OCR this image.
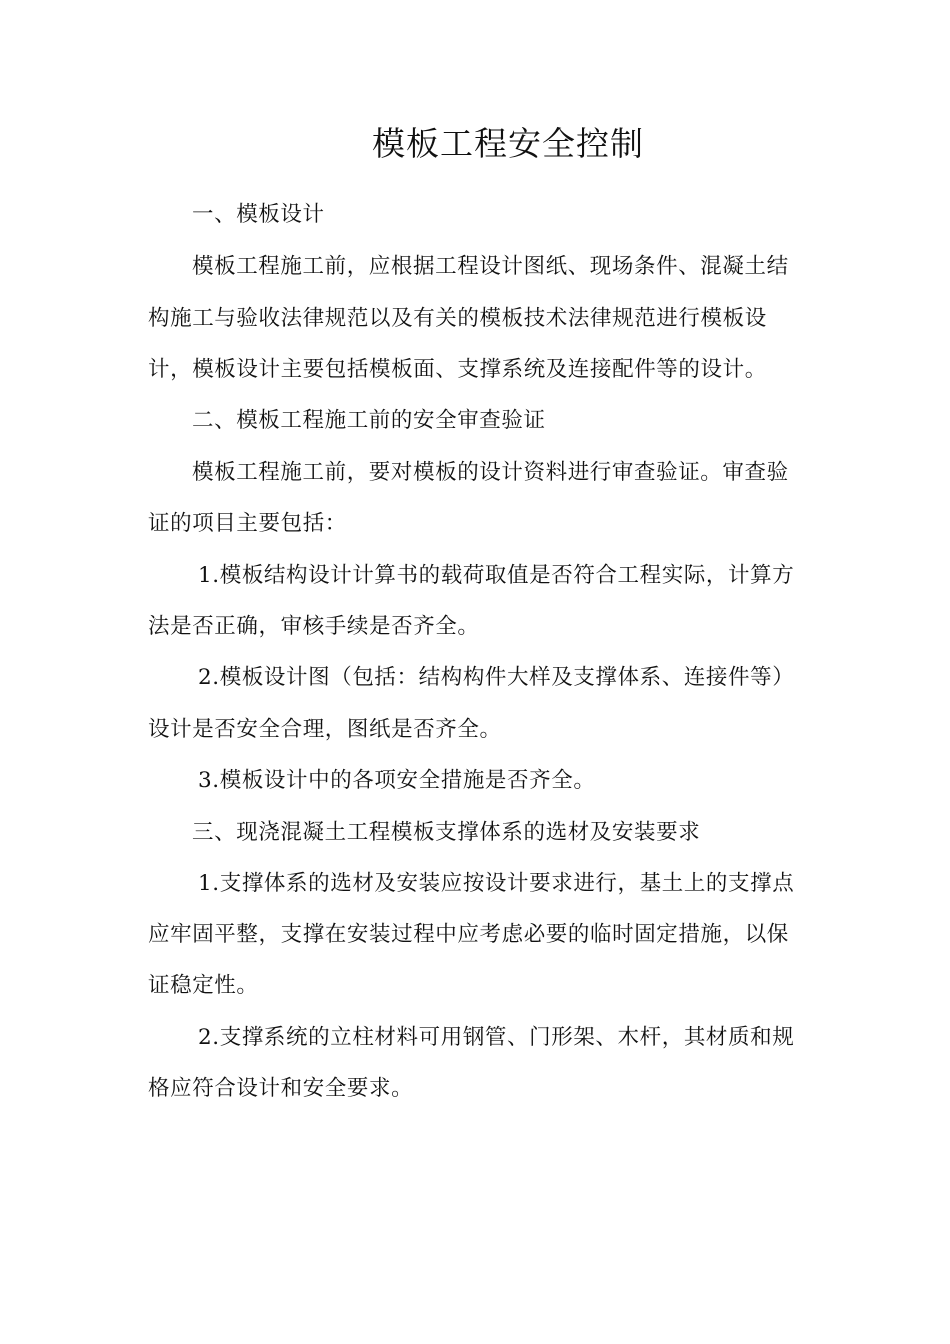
模板工程安全控制
一、模板设计
模板工程施工前，应根据工程设计图纸、现场条件、混凝土结
构施工与验收法律规范以及有关的模板技术法律规范进行模板设
计，模板设计主要包括模板面、支撑系统及连接配件等的设计。
二、模板工程施工前的安全审查验证
模板工程施工前，要对模板的设计资料进行审查验证。审查验
证的项目主要包括：
1.模板结构设计计算书的载荷取值是否符合工程实际，计算方
法是否正确，审核手续是否齐全。
2.模板设计图（包括：结构构件大样及支撑体系、连接件等）
设计是否安全合理，图纸是否齐全。
3.模板设计中的各项安全措施是否齐全。
三、现浇混凝土工程模板支撑体系的选材及安装要求
1.支撑体系的选材及安装应按设计要求进行，基土上的支撑点
应牢固平整，支撑在安装过程中应考虑必要的临时固定措施，以保
证稳定性。
2.支撑系统的立柱材料可用钢管、门形架、木杆，其材质和规
格应符合设计和安全要求。
